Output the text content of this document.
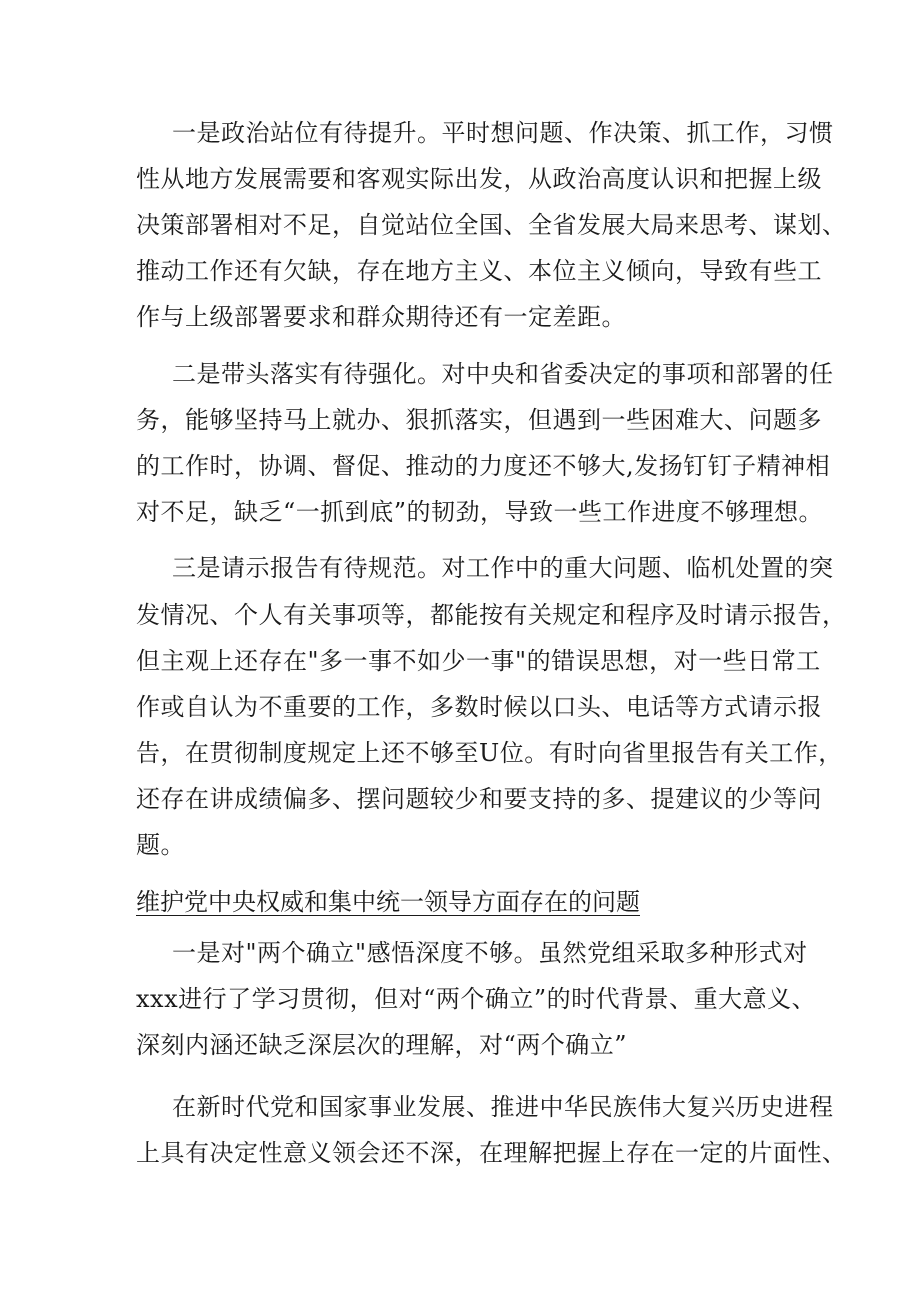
一是政治站位有待提升。平时想问题、作决策、抓工作，习惯
性从地方发展需要和客观实际出发，从政治高度认识和把握上级
决策部署相对不足，自觉站位全国、全省发展大局来思考、谋划、
推动工作还有欠缺，存在地方主义、本位主义倾向，导致有些工
作与上级部署要求和群众期待还有一定差距。
二是带头落实有待强化。对中央和省委决定的事项和部署的任
务，能够坚持马上就办、狠抓落实，但遇到一些困难大、问题多
的工作时，协调、督促、推动的力度还不够大,发扬钉钉子精神相
对不足，缺乏“一抓到底”的韧劲，导致一些工作进度不够理想。
三是请示报告有待规范。对工作中的重大问题、临机处置的突
发情况、个人有关事项等，都能按有关规定和程序及时请示报告，
但主观上还存在"多一事不如少一事"的错误思想，对一些日常工
作或自认为不重要的工作，多数时候以口头、电话等方式请示报
告，在贯彻制度规定上还不够至U位。有时向省里报告有关工作，
还存在讲成绩偏多、摆问题较少和要支持的多、提建议的少等问
题。
维护党中央权威和集中统一领导方面存在的问题
一是对"两个确立"感悟深度不够。虽然党组采取多种形式对
xxx进行了学习贯彻，但对“两个确立”的时代背景、重大意义、
深刻内涵还缺乏深层次的理解，对“两个确立”
在新时代党和国家事业发展、推进中华民族伟大复兴历史进程
上具有决定性意义领会还不深，在理解把握上存在一定的片面性、
